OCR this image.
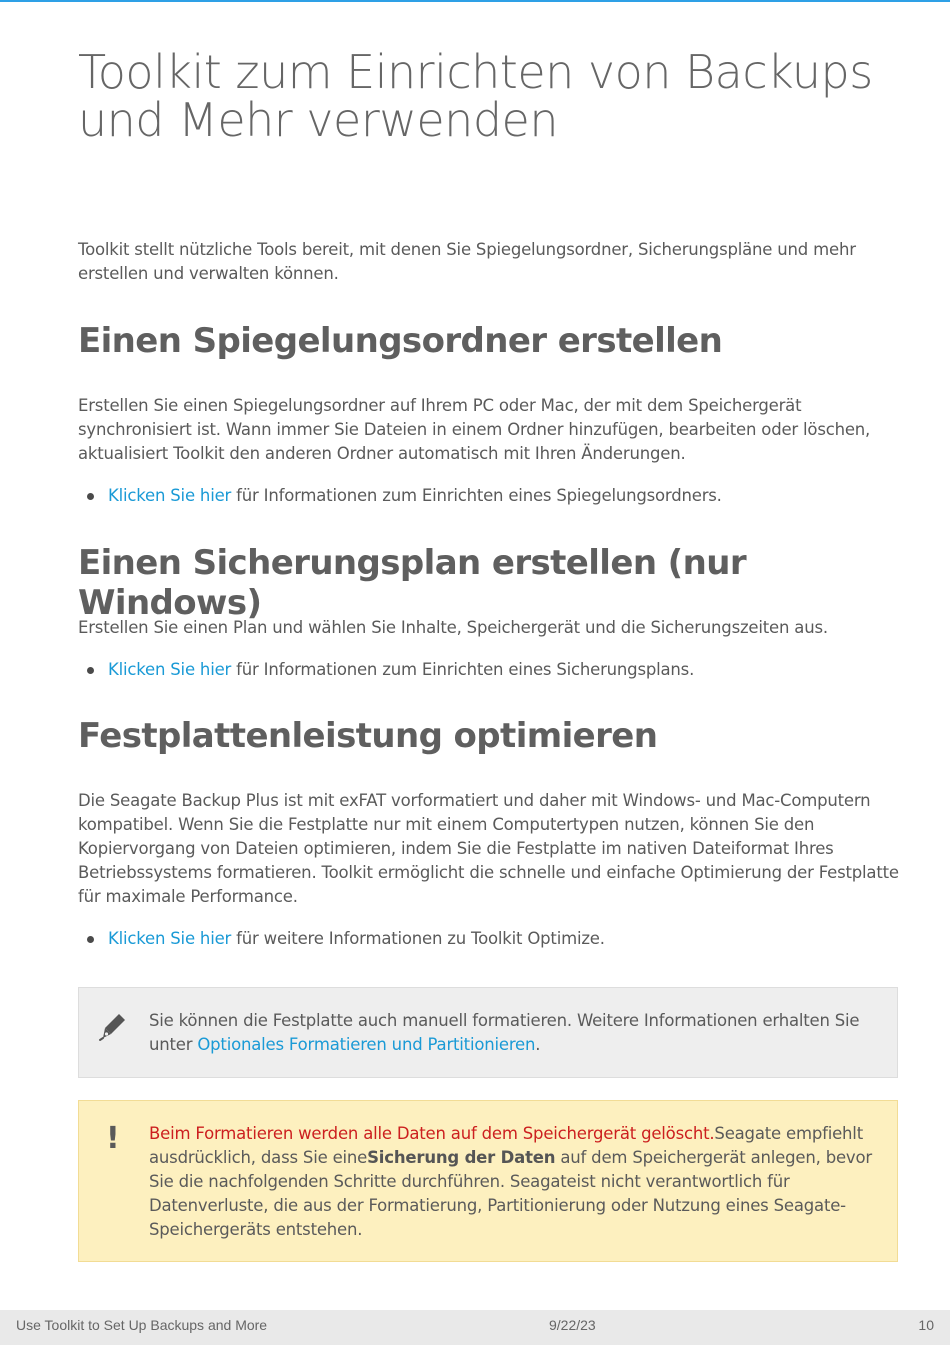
Toolkit zum Einrichten von Backups und Mehr verwenden

Toolkit stellt nützliche Tools bereit, mit denen Sie Spiegelungsordner, Sicherungspläne und mehr erstellen und verwalten können.

Einen Spiegelungsordner erstellen

Erstellen Sie einen Spiegelungsordner auf Ihrem PC oder Mac, der mit dem Speichergerät synchronisiert ist. Wann immer Sie Dateien in einem Ordner hinzufügen, bearbeiten oder löschen, aktualisiert Toolkit den anderen Ordner automatisch mit Ihren Änderungen.

Klicken Sie hier für Informationen zum Einrichten eines Spiegelungsordners.
Einen Sicherungsplan erstellen (nur Windows)

Erstellen Sie einen Plan und wählen Sie Inhalte, Speichergerät und die Sicherungszeiten aus.

Klicken Sie hier für Informationen zum Einrichten eines Sicherungsplans.
Festplattenleistung optimieren

Die Seagate Backup Plus ist mit exFAT vorformatiert und daher mit Windows- und Mac-Computern kompatibel. Wenn Sie die Festplatte nur mit einem Computertypen nutzen, können Sie den Kopiervorgang von Dateien optimieren, indem Sie die Festplatte im nativen Dateiformat Ihres Betriebssystems formatieren. Toolkit ermöglicht die schnelle und einfache Optimierung der Festplatte für maximale Performance.

Klicken Sie hier für weitere Informationen zu Toolkit Optimize.
Sie können die Festplatte auch manuell formatieren. Weitere Informationen erhalten Sie unter Optionales Formatieren und Partitionieren.
! Beim Formatieren werden alle Daten auf dem Speichergerät gelöscht.Seagate empfiehlt ausdrücklich, dass Sie eineSicherung der Daten auf dem Speichergerät anlegen, bevor Sie die nachfolgenden Schritte durchführen. Seagateist nicht verantwortlich für Datenverluste, die aus der Formatierung, Partitionierung oder Nutzung eines Seagate-Speichergeräts entstehen.
Use Toolkit to Set Up Backups and More	9/22/23	10
